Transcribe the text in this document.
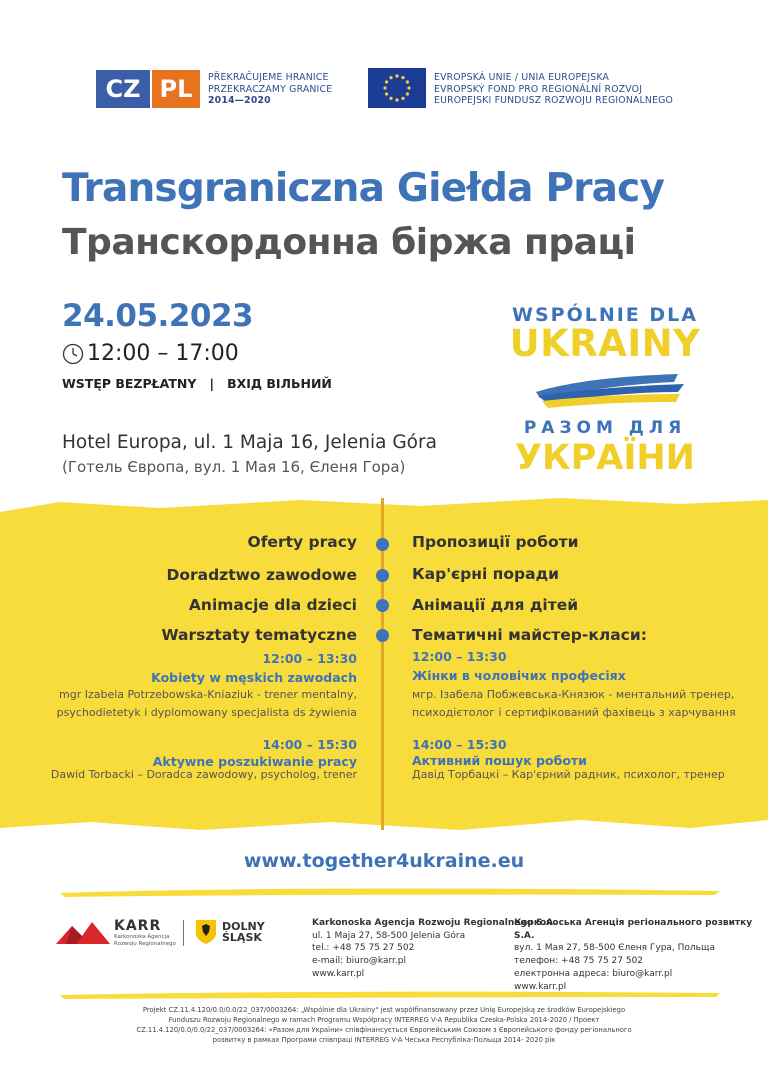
CZ PL	PŘEKRAČUJEME HRANICE
PRZEKRACZAMY GRANICE
2014—2020
EVROPSKÁ UNIE / UNIA EUROPEJSKA
EVROPSKÝ FOND PRO REGIONÁLNÍ ROZVOJ
EUROPEJSKI FUNDUSZ ROZWOJU REGIONALNEGO
Transgraniczna Giełda Pracy
Транскордонна біржа праці
24.05.2023
12:00 – 17:00
WSTĘP BEZPŁATNY   |   ВХІД ВІЛЬНИЙ
Hotel Europa, ul. 1 Maja 16, Jelenia Góra
(Готель Європа, вул. 1 Мая 16, Єленя Гора)
WSPÓLNIE DLA
UKRAINY
РАЗОМ ДЛЯ
УКРАЇНИ
Oferty pracy	Пропозиції роботи
Doradztwo zawodowe	Кар'єрні поради
Animacje dla dzieci	Анімації для дітей
Warsztaty tematyczne	Тематичні майстер-класи:
12:00 – 13:30	12:00 – 13:30
Kobiety w męskich zawodach	Жінки в чоловічих професіях
mgr Izabela Potrzebowska-Kniaziuk - trener mentalny,	мгр. Ізабела Побжевська-Князюк - ментальний тренер,
psychodietetyk i dyplomowany specjalista ds żywienia	психодієтолог і сертифікований фахівець з харчування
14:00 – 15:30	14:00 – 15:30
Aktywne poszukiwanie pracy	Активний пошук роботи
Dawid Torbacki – Doradca zawodowy, psycholog, trener	Давід Торбацкі – Кар'єрний радник, психолог, тренер
www.together4ukraine.eu
KARR
Karkonoska Agencja
Rozwoju Regionalnego
DOLNY
ŚLĄSK
Karkonoska Agencja Rozwoju Regionalnego S.A.
ul. 1 Maja 27, 58-500 Jelenia Góra
tel.: +48 75 75 27 502
e-mail: biuro@karr.pl
www.karr.pl
Карконоська Агенція регіонального розвитку S.A.
вул. 1 Мая 27, 58-500 Єленя Гура, Польща
телефон: +48 75 75 27 502
електронна адреса: biuro@karr.pl
www.karr.pl
Projekt CZ.11.4.120/0.0/0.0/22_037/0003264: „Wspólnie dla Ukrainy" jest współfinansowany przez Unię Europejską ze środków Europejskiego
Funduszu Rozwoju Regionalnego w ramach Programu Współpracy INTERREG V-A Republika Czeska-Polska 2014-2020 / Проект
CZ.11.4.120/0.0/0.0/22_037/0003264: «Разом для України» співфінансується Європейським Союзом з Європейського фонду регіонального
розвитку в рамках Програми співпраці INTERREG V-A Чеська Республіка-Польща 2014- 2020 рік
